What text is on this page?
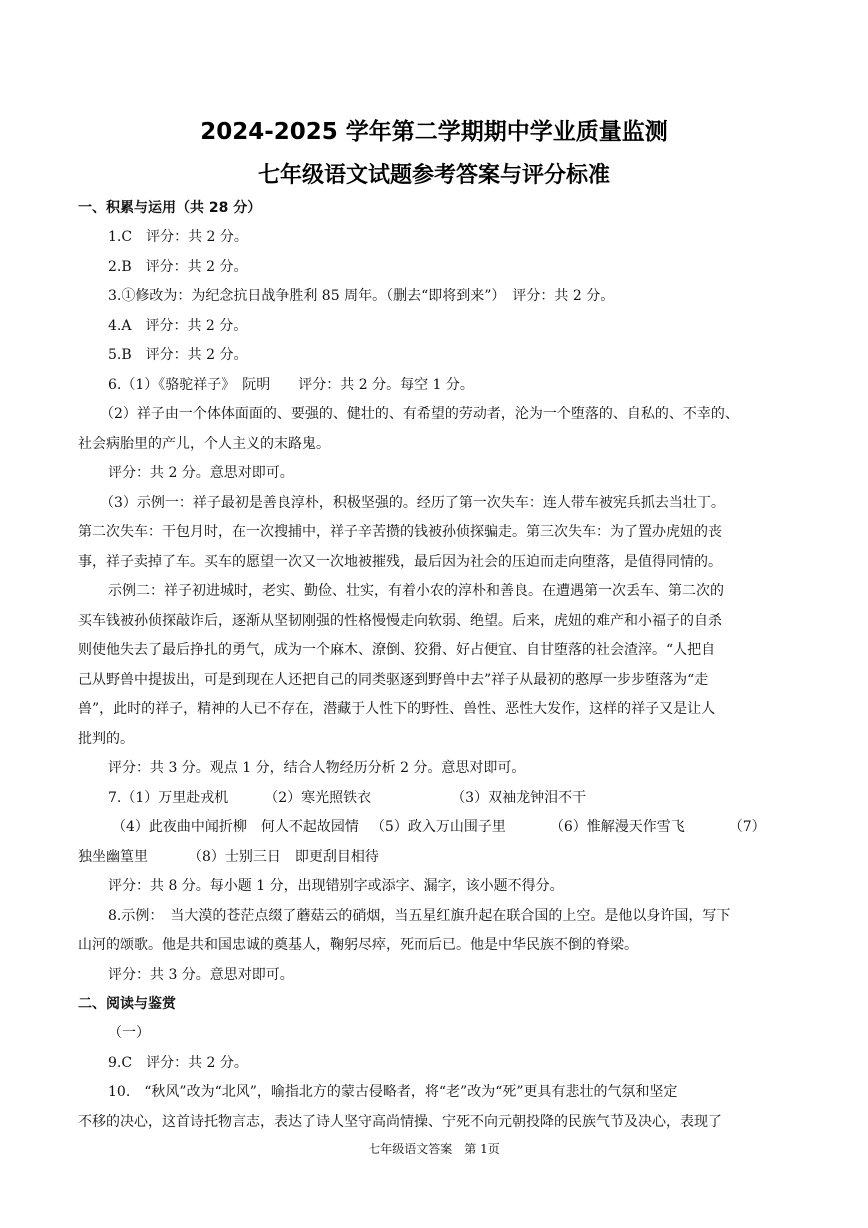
2024-2025 学年第二学期期中学业质量监测
七年级语文试题参考答案与评分标准
一、积累与运用（共 28 分）
1.C　评分：共 2 分。
2.B　评分：共 2 分。
3.①修改为：为纪念抗日战争胜利 85 周年。（删去“即将到来”）　评分：共 2 分。
4.A　评分：共 2 分。
5.B　评分：共 2 分。
6.（1）《骆驼祥子》　阮明　　评分：共 2 分。每空 1 分。
（2）祥子由一个体体面面的、要强的、健壮的、有希望的劳动者，沦为一个堕落的、自私的、不幸的、
社会病胎里的产儿，个人主义的末路鬼。
评分：共 2 分。意思对即可。
（3）示例一：祥子最初是善良淳朴，积极坚强的。经历了第一次失车：连人带车被宪兵抓去当壮丁。
第二次失车：干包月时，在一次搜捕中，祥子辛苦攒的钱被孙侦探骗走。第三次失车：为了置办虎妞的丧
事，祥子卖掉了车。买车的愿望一次又一次地被摧残，最后因为社会的压迫而走向堕落，是值得同情的。
示例二：祥子初进城时，老实、勤俭、壮实，有着小农的淳朴和善良。在遭遇第一次丢车、第二次的
买车钱被孙侦探敲诈后，逐渐从坚韧刚强的性格慢慢走向软弱、绝望。后来，虎妞的难产和小福子的自杀
则使他失去了最后挣扎的勇气，成为一个麻木、潦倒、狡猾、好占便宜、自甘堕落的社会渣滓。“人把自
己从野兽中提拔出，可是到现在人还把自己的同类驱逐到野兽中去”祥子从最初的憨厚一步步堕落为“走
兽”，此时的祥子，精神的人已不存在，潜藏于人性下的野性、兽性、恶性大发作，这样的祥子又是让人
批判的。
评分：共 3 分。观点 1 分，结合人物经历分析 2 分。意思对即可。
7.（1）万里赴戎机	（2）寒光照铁衣	（3）双袖龙钟泪不干
（4）此夜曲中闻折柳　何人不起故园情 （5）政入万山围子里	（6）惟解漫天作雪飞	（7）
独坐幽篁里	（8）士别三日　即更刮目相待
评分：共 8 分。每小题 1 分，出现错别字或添字、漏字，该小题不得分。
8.示例：　当大漠的苍茫点缀了蘑菇云的硝烟，当五星红旗升起在联合国的上空。是他以身许国，写下
山河的颂歌。他是共和国忠诚的奠基人，鞠躬尽瘁，死而后已。他是中华民族不倒的脊梁。
评分：共 3 分。意思对即可。
二、阅读与鉴赏
（一）
9.C　评分：共 2 分。
10.　“秋风”改为“北风”，喻指北方的蒙古侵略者，将“老”改为“死”更具有悲壮的气氛和坚定
不移的决心，这首诗托物言志，表达了诗人坚守高尚情操、宁死不向元朝投降的民族气节及决心，表现了
七年级语文答案　第 1页
